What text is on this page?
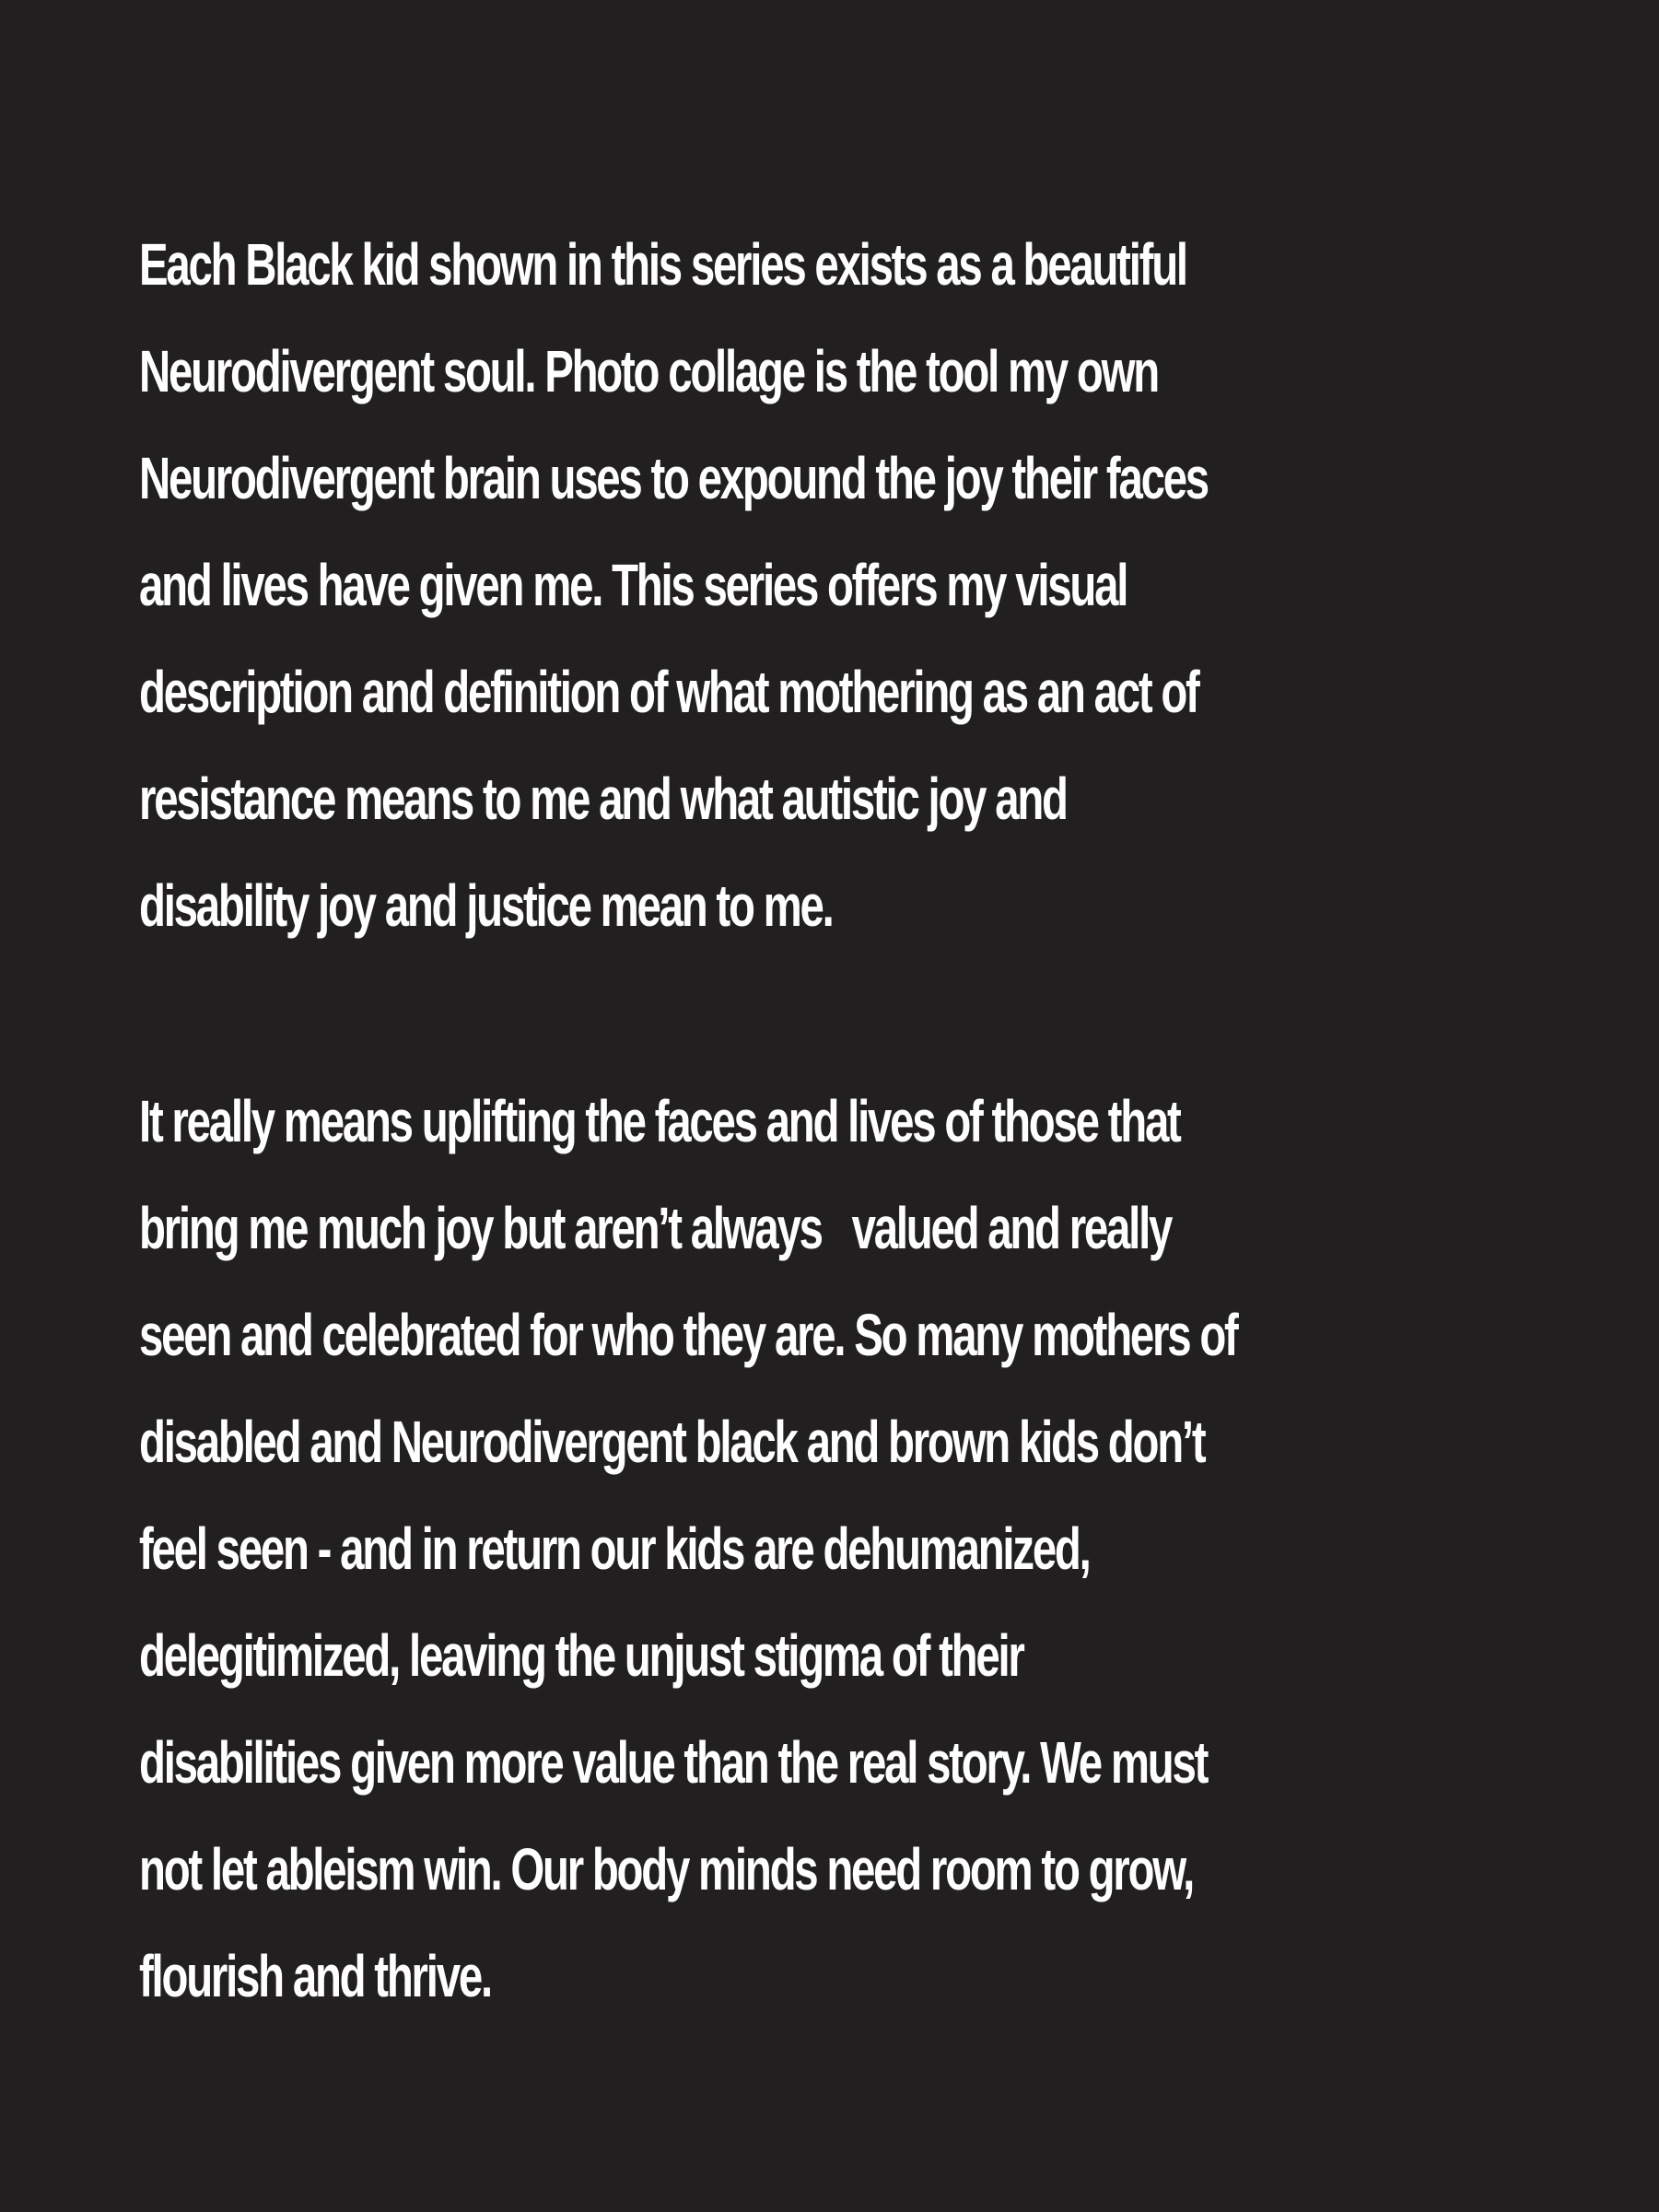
Each Black kid shown in this series exists as a beautiful
Neurodivergent soul. Photo collage is the tool my own
Neurodivergent brain uses to expound the joy their faces
and lives have given me. This series offers my visual
description and definition of what mothering as an act of
resistance means to me and what autistic joy and
disability joy and justice mean to me.
It really means uplifting the faces and lives of those that
bring me much joy but aren’t always   valued and really
seen and celebrated for who they are. So many mothers of
disabled and Neurodivergent black and brown kids don’t
feel seen - and in return our kids are dehumanized,
delegitimized, leaving the unjust stigma of their
disabilities given more value than the real story. We must
not let ableism win. Our body minds need room to grow,
flourish and thrive.
